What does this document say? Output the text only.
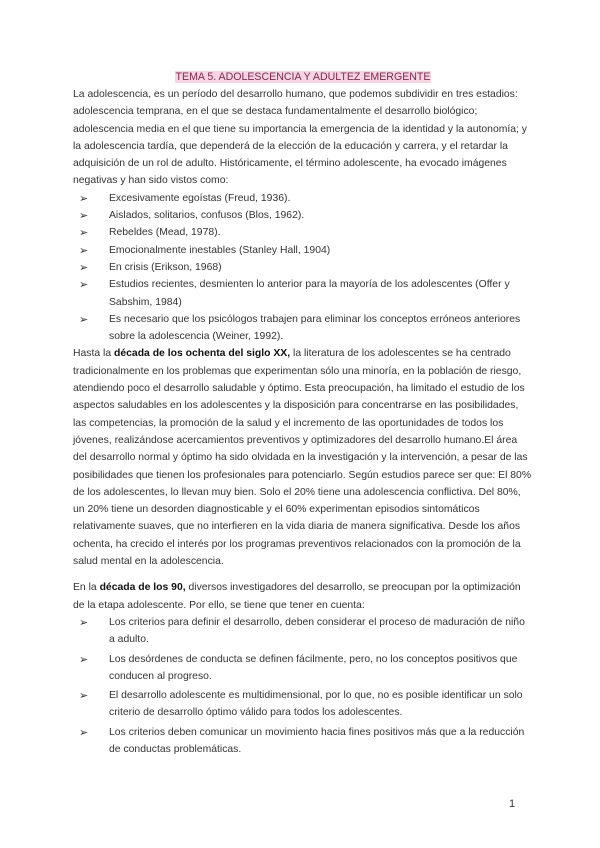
TEMA 5. ADOLESCENCIA Y ADULTEZ EMERGENTE

La adolescencia, es un período del desarrollo humano, que podemos subdividir en tres estadios: adolescencia temprana, en el que se destaca fundamentalmente el desarrollo biológico; adolescencia media en el que tiene su importancia la emergencia de la identidad y la autonomía; y la adolescencia tardía, que dependerá de la elección de la educación y carrera, y el retardar la adquisición de un rol de adulto. Históricamente, el término adolescente, ha evocado imágenes negativas y han sido vistos como:

➢ Excesivamente egoístas (Freud, 1936).
➢ Aislados, solitarios, confusos (Blos, 1962).
➢ Rebeldes (Mead, 1978).
➢ Emocionalmente inestables (Stanley Hall, 1904)
➢ En crisis (Erikson, 1968)
➢ Estudios recientes, desmienten lo anterior para la mayoría de los adolescentes (Offer y Sabshim, 1984)
➢ Es necesario que los psicólogos trabajen para eliminar los conceptos erróneos anteriores sobre la adolescencia (Weiner, 1992).

Hasta la década de los ochenta del siglo XX, la literatura de los adolescentes se ha centrado tradicionalmente en los problemas que experimentan sólo una minoría, en la población de riesgo, atendiendo poco el desarrollo saludable y óptimo. Esta preocupación, ha limitado el estudio de los aspectos saludables en los adolescentes y la disposición para concentrarse en las posibilidades, las competencias, la promoción de la salud y el incremento de las oportunidades de todos los jóvenes, realizándose acercamientos preventivos y optimizadores del desarrollo humano.El área del desarrollo normal y óptimo ha sido olvidada en la investigación y la intervención, a pesar de las posibilidades que tienen los profesionales para potenciarlo. Según estudios parece ser que: El 80% de los adolescentes, lo llevan muy bien. Solo el 20% tiene una adolescencia conflictiva. Del 80%, un 20% tiene un desorden diagnosticable y el 60% experimentan episodios sintomáticos relativamente suaves, que no interfieren en la vida diaria de manera significativa. Desde los años ochenta, ha crecido el interés por los programas preventivos relacionados con la promoción de la salud mental en la adolescencia.

En la década de los 90, diversos investigadores del desarrollo, se preocupan por la optimización de la etapa adolescente. Por ello, se tiene que tener en cuenta:

➢ Los criterios para definir el desarrollo, deben considerar el proceso de maduración de niño a adulto.
➢ Los desórdenes de conducta se definen fácilmente, pero, no los conceptos positivos que conducen al progreso.
➢ El desarrollo adolescente es multidimensional, por lo que, no es posible identificar un solo criterio de desarrollo óptimo válido para todos los adolescentes.
➢ Los criterios deben comunicar un movimiento hacia fines positivos más que a la reducción de conductas problemáticas.
1
